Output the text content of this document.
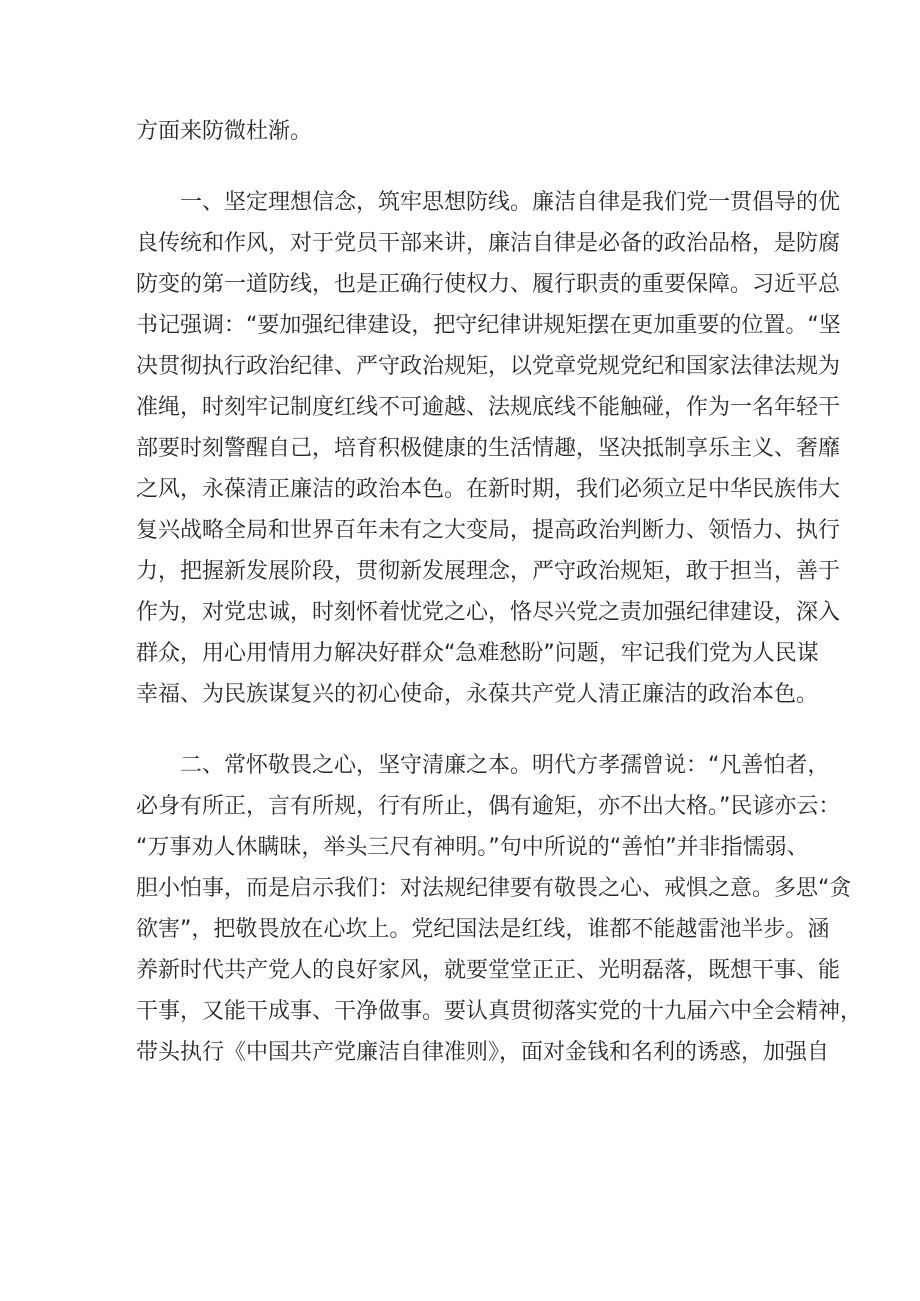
方面来防微杜渐。
一、坚定理想信念，筑牢思想防线。廉洁自律是我们党一贯倡导的优
良传统和作风，对于党员干部来讲，廉洁自律是必备的政治品格，是防腐
防变的第一道防线，也是正确行使权力、履行职责的重要保障。习近平总
书记强调：“要加强纪律建设，把守纪律讲规矩摆在更加重要的位置。“坚
决贯彻执行政治纪律、严守政治规矩，以党章党规党纪和国家法律法规为
准绳，时刻牢记制度红线不可逾越、法规底线不能触碰，作为一名年轻干
部要时刻警醒自己，培育积极健康的生活情趣，坚决抵制享乐主义、奢靡
之风，永葆清正廉洁的政治本色。在新时期，我们必须立足中华民族伟大
复兴战略全局和世界百年未有之大变局，提高政治判断力、领悟力、执行
力，把握新发展阶段，贯彻新发展理念，严守政治规矩，敢于担当，善于
作为，对党忠诚，时刻怀着忧党之心，恪尽兴党之责加强纪律建设，深入
群众，用心用情用力解决好群众“急难愁盼”问题，牢记我们党为人民谋
幸福、为民族谋复兴的初心使命，永葆共产党人清正廉洁的政治本色。
二、常怀敬畏之心，坚守清廉之本。明代方孝孺曾说：“凡善怕者，
必身有所正，言有所规，行有所止，偶有逾矩，亦不出大格。”民谚亦云：
“万事劝人休瞒昧，举头三尺有神明。”句中所说的“善怕”并非指懦弱、
胆小怕事，而是启示我们：对法规纪律要有敬畏之心、戒惧之意。多思“贪
欲害”，把敬畏放在心坎上。党纪国法是红线，谁都不能越雷池半步。涵
养新时代共产党人的良好家风，就要堂堂正正、光明磊落，既想干事、能
干事，又能干成事、干净做事。要认真贯彻落实党的十九届六中全会精神，
带头执行《中国共产党廉洁自律准则》，面对金钱和名利的诱惑，加强自
